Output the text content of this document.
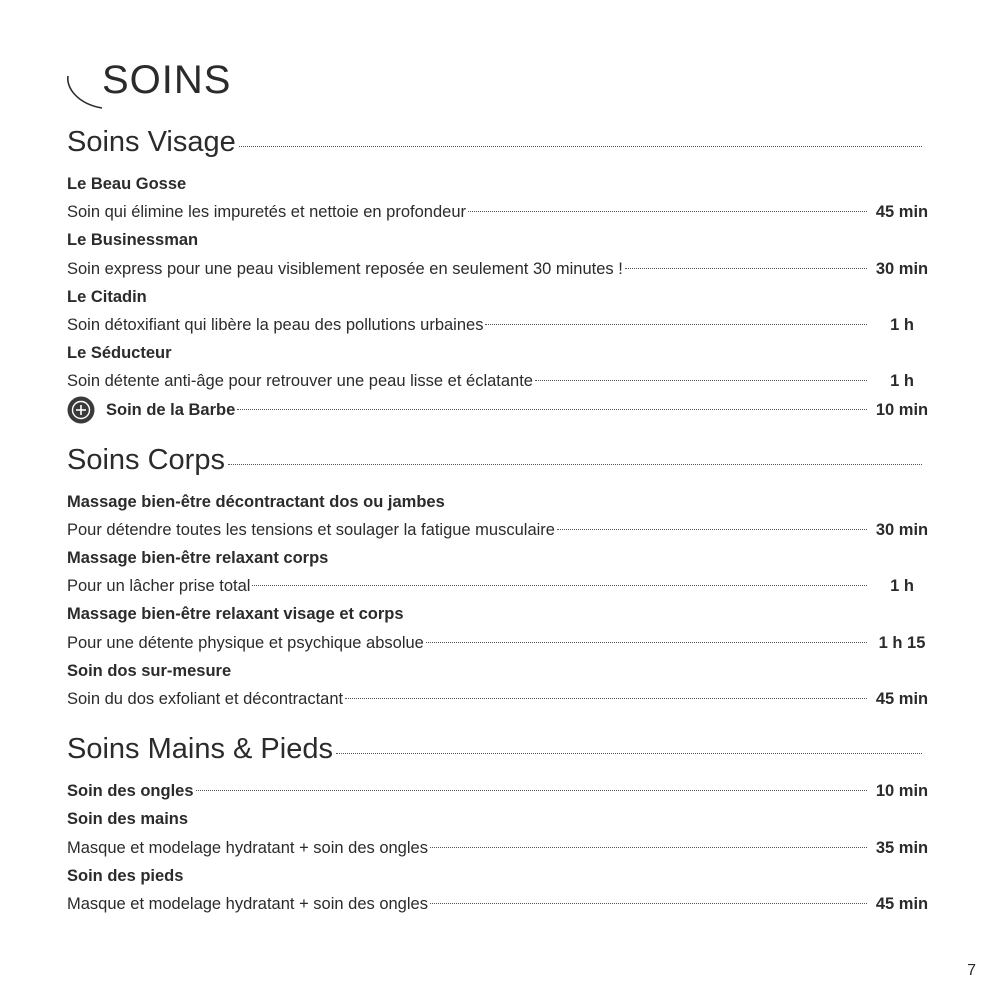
SOINS
Soins Visage
Le Beau Gosse
Soin qui élimine les impuretés et nettoie en profondeur	45 min
Le Businessman
Soin express pour une peau visiblement reposée en seulement 30 minutes !	30 min
Le Citadin
Soin détoxifiant qui libère la peau des pollutions urbaines	1 h
Le Séducteur
Soin détente anti-âge pour retrouver une peau lisse et éclatante	1 h
Soin de la Barbe	10 min
Soins Corps
Massage bien-être décontractant dos ou jambes
Pour détendre toutes les tensions et soulager la fatigue musculaire	30 min
Massage bien-être relaxant corps
Pour un lâcher prise total	1 h
Massage bien-être relaxant visage et corps
Pour une détente physique et psychique absolue	1 h 15
Soin dos sur-mesure
Soin du dos exfoliant et décontractant	45 min
Soins Mains & Pieds
Soin des ongles	10 min
Soin des mains
Masque et modelage hydratant + soin des ongles	35 min
Soin des pieds
Masque et modelage hydratant + soin des ongles	45 min
7
